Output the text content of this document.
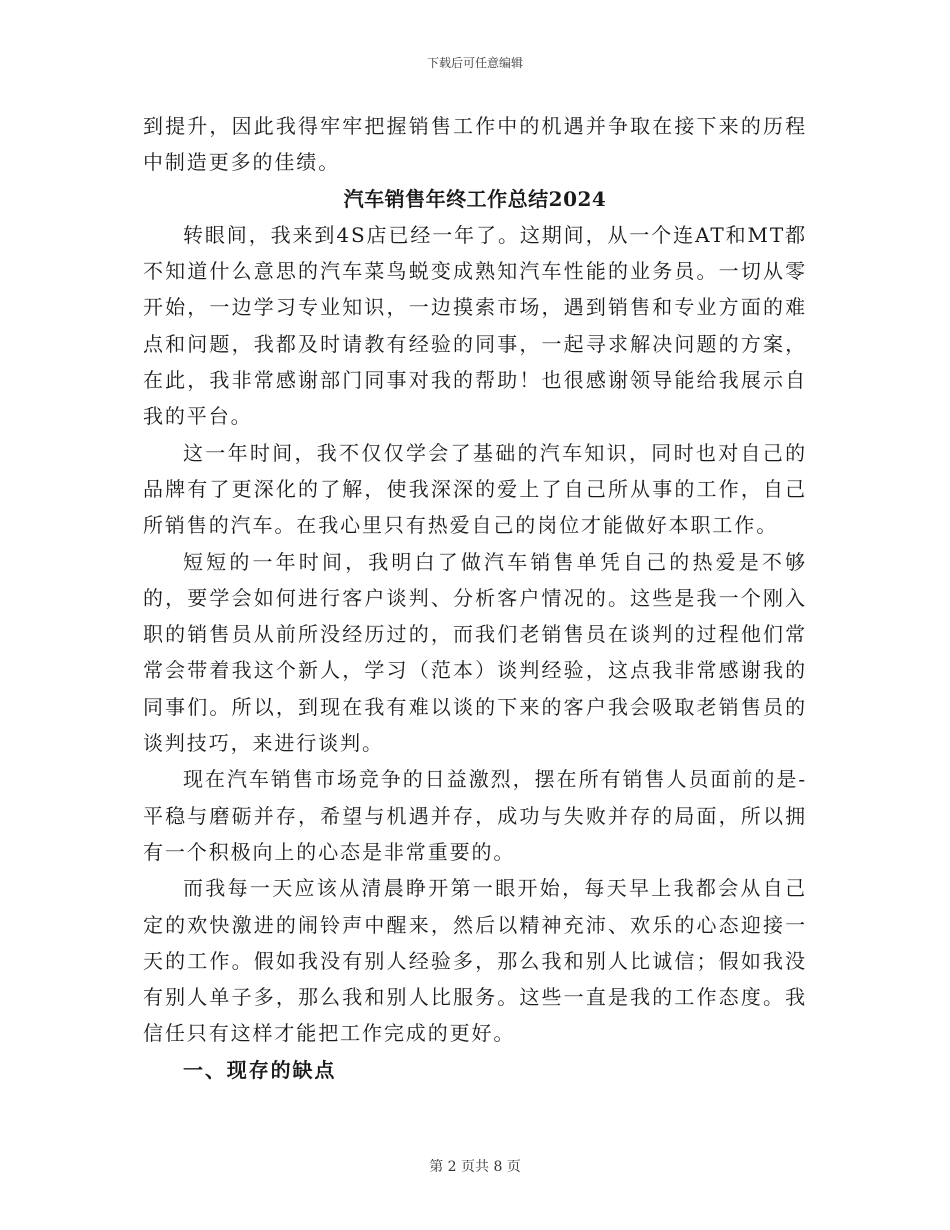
下载后可任意编辑

到提升，因此我得牢牢把握销售工作中的机遇并争取在接下来的历程中制造更多的佳绩。

汽车销售年终工作总结2024

转眼间，我来到4S店已经一年了。这期间，从一个连AT和MT都不知道什么意思的汽车菜鸟蜕变成熟知汽车性能的业务员。一切从零开始，一边学习专业知识，一边摸索市场，遇到销售和专业方面的难点和问题，我都及时请教有经验的同事，一起寻求解决问题的方案，在此，我非常感谢部门同事对我的帮助！也很感谢领导能给我展示自我的平台。

这一年时间，我不仅仅学会了基础的汽车知识，同时也对自己的品牌有了更深化的了解，使我深深的爱上了自己所从事的工作，自己所销售的汽车。在我心里只有热爱自己的岗位才能做好本职工作。

短短的一年时间，我明白了做汽车销售单凭自己的热爱是不够的，要学会如何进行客户谈判、分析客户情况的。这些是我一个刚入职的销售员从前所没经历过的，而我们老销售员在谈判的过程他们常常会带着我这个新人，学习（范本）谈判经验，这点我非常感谢我的同事们。所以，到现在我有难以谈的下来的客户我会吸取老销售员的谈判技巧，来进行谈判。

现在汽车销售市场竞争的日益激烈，摆在所有销售人员面前的是-平稳与磨砺并存，希望与机遇并存，成功与失败并存的局面，所以拥有一个积极向上的心态是非常重要的。

而我每一天应该从清晨睁开第一眼开始，每天早上我都会从自己定的欢快激进的闹铃声中醒来，然后以精神充沛、欢乐的心态迎接一天的工作。假如我没有别人经验多，那么我和别人比诚信；假如我没有别人单子多，那么我和别人比服务。这些一直是我的工作态度。我信任只有这样才能把工作完成的更好。

一、现存的缺点

第 2 页共 8 页
